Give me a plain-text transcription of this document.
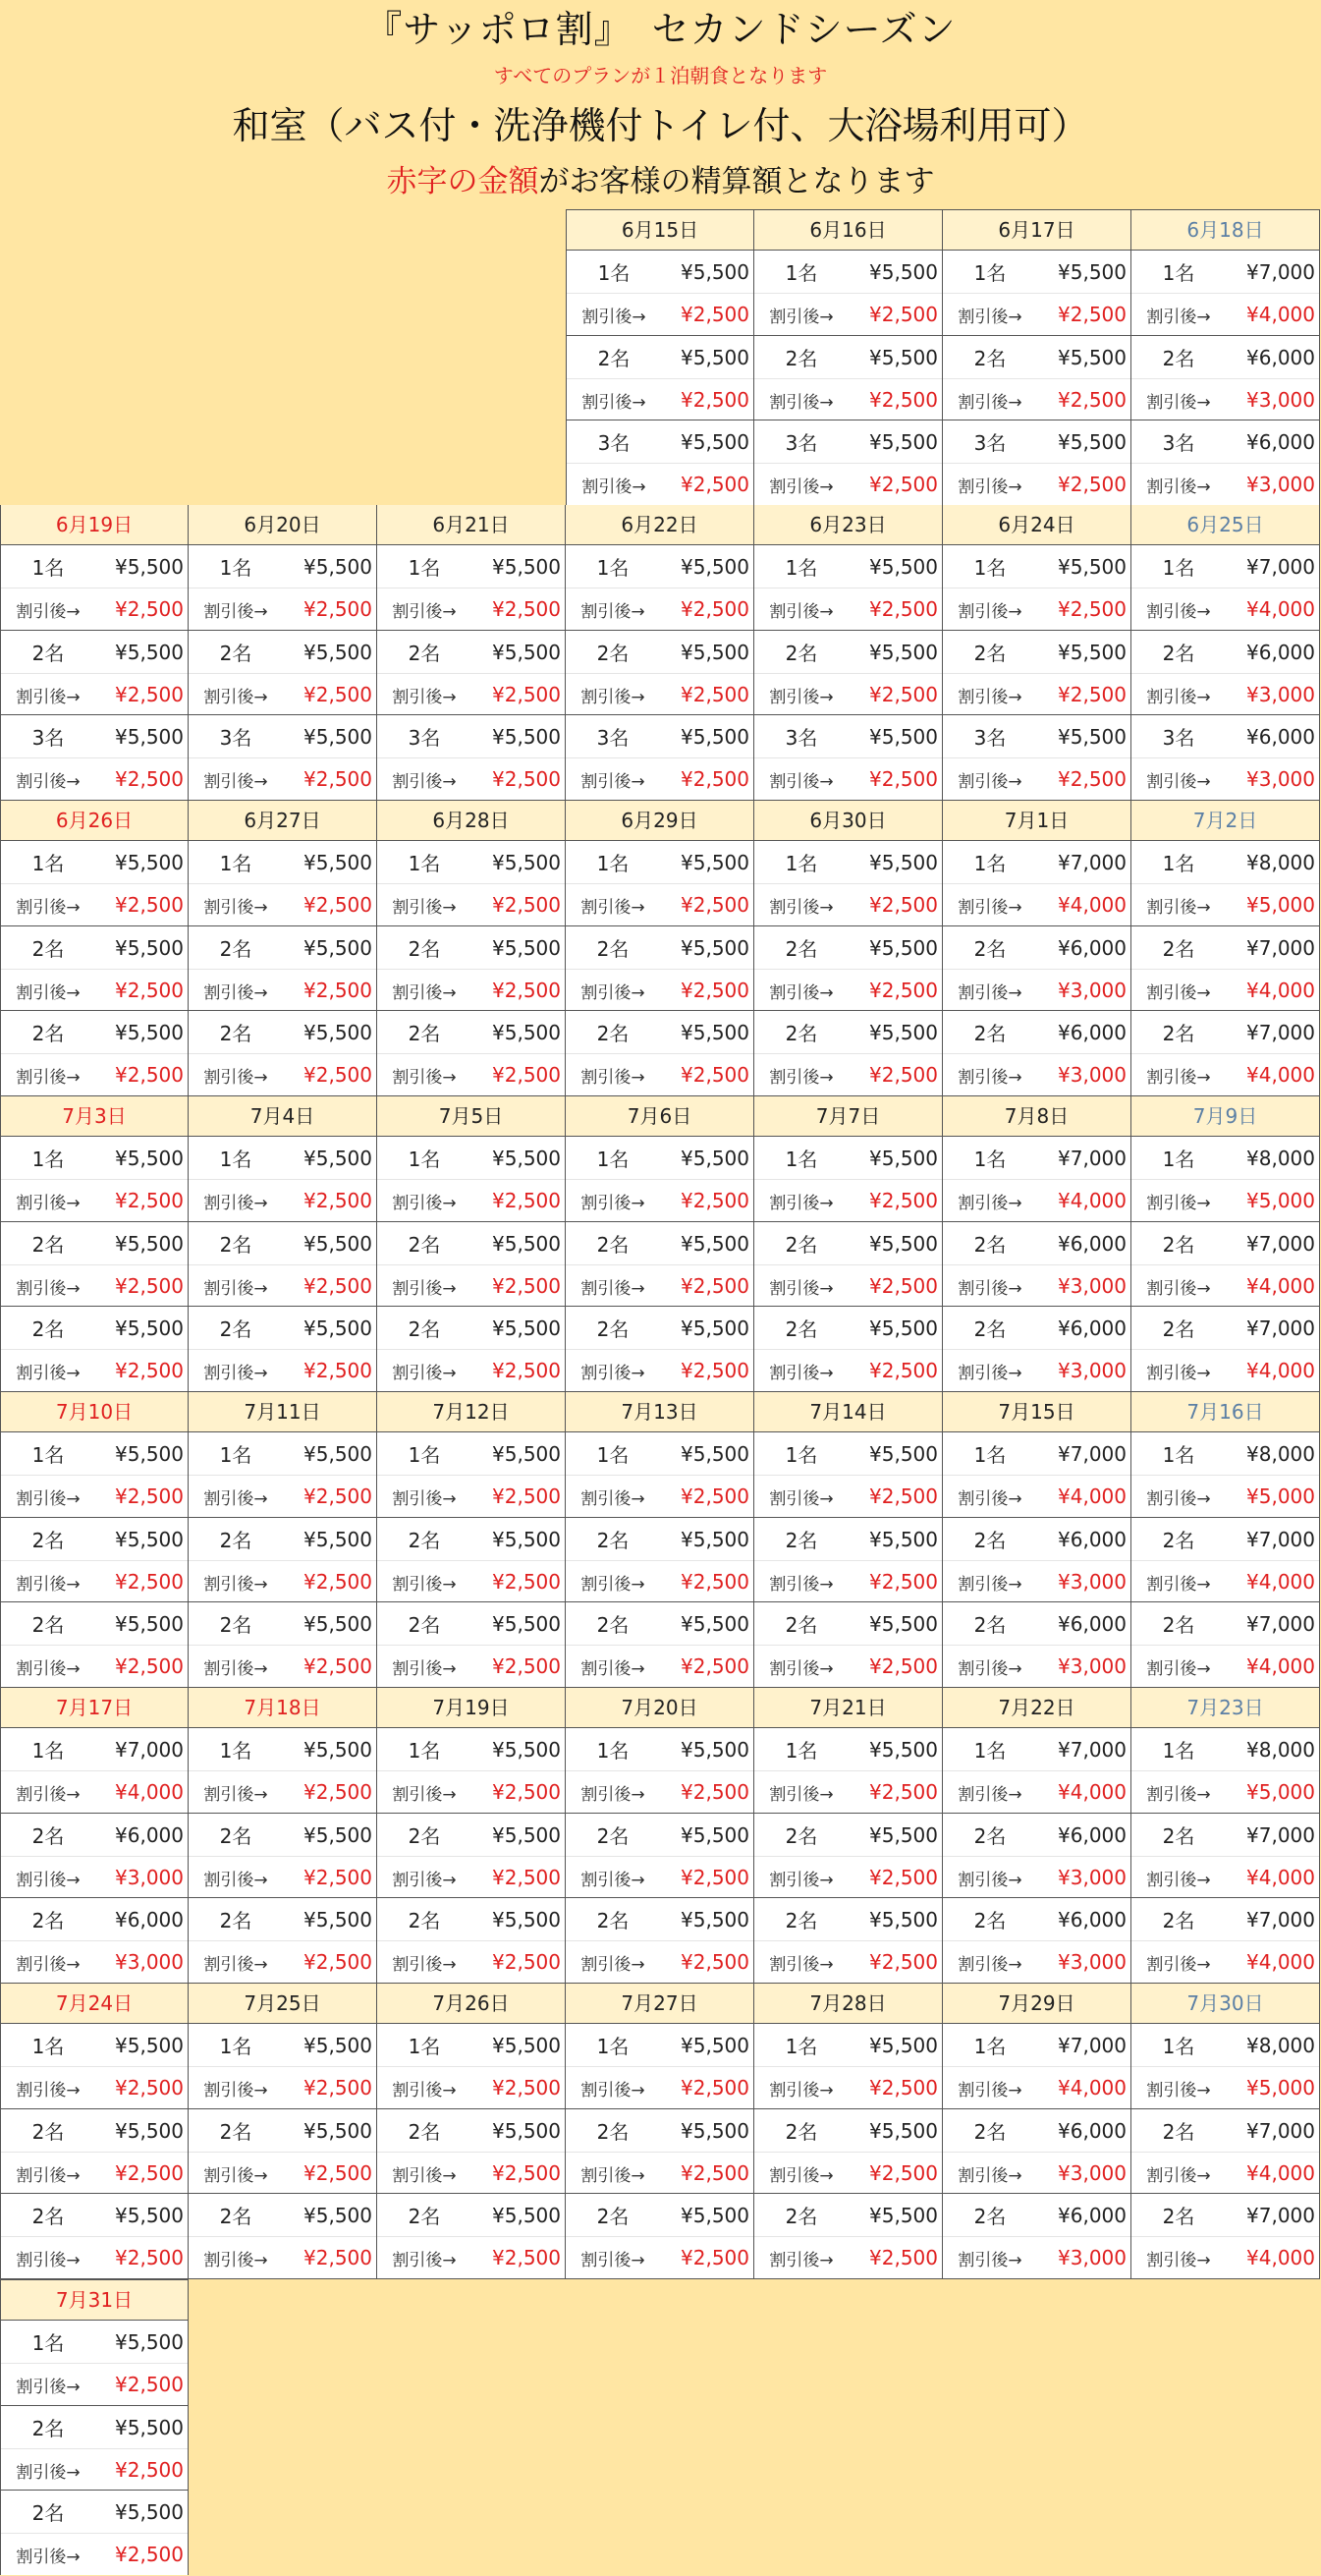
『サッポロ割』　セカンドシーズン
すべてのプランが１泊朝食となります
和室（バス付・洗浄機付トイレ付、大浴場利用可）
赤字の金額がお客様の精算額となります
6月15日
1名	¥5,500
割引後→	¥2,500
2名	¥5,500
割引後→	¥2,500
3名	¥5,500
割引後→	¥2,500
6月16日
1名	¥5,500
割引後→	¥2,500
2名	¥5,500
割引後→	¥2,500
3名	¥5,500
割引後→	¥2,500
6月17日
1名	¥5,500
割引後→	¥2,500
2名	¥5,500
割引後→	¥2,500
3名	¥5,500
割引後→	¥2,500
6月18日
1名	¥7,000
割引後→	¥4,000
2名	¥6,000
割引後→	¥3,000
3名	¥6,000
割引後→	¥3,000
6月19日
1名	¥5,500
割引後→	¥2,500
2名	¥5,500
割引後→	¥2,500
3名	¥5,500
割引後→	¥2,500
6月20日
1名	¥5,500
割引後→	¥2,500
2名	¥5,500
割引後→	¥2,500
3名	¥5,500
割引後→	¥2,500
6月21日
1名	¥5,500
割引後→	¥2,500
2名	¥5,500
割引後→	¥2,500
3名	¥5,500
割引後→	¥2,500
6月22日
1名	¥5,500
割引後→	¥2,500
2名	¥5,500
割引後→	¥2,500
3名	¥5,500
割引後→	¥2,500
6月23日
1名	¥5,500
割引後→	¥2,500
2名	¥5,500
割引後→	¥2,500
3名	¥5,500
割引後→	¥2,500
6月24日
1名	¥5,500
割引後→	¥2,500
2名	¥5,500
割引後→	¥2,500
3名	¥5,500
割引後→	¥2,500
6月25日
1名	¥7,000
割引後→	¥4,000
2名	¥6,000
割引後→	¥3,000
3名	¥6,000
割引後→	¥3,000
6月26日
1名	¥5,500
割引後→	¥2,500
2名	¥5,500
割引後→	¥2,500
2名	¥5,500
割引後→	¥2,500
6月27日
1名	¥5,500
割引後→	¥2,500
2名	¥5,500
割引後→	¥2,500
2名	¥5,500
割引後→	¥2,500
6月28日
1名	¥5,500
割引後→	¥2,500
2名	¥5,500
割引後→	¥2,500
2名	¥5,500
割引後→	¥2,500
6月29日
1名	¥5,500
割引後→	¥2,500
2名	¥5,500
割引後→	¥2,500
2名	¥5,500
割引後→	¥2,500
6月30日
1名	¥5,500
割引後→	¥2,500
2名	¥5,500
割引後→	¥2,500
2名	¥5,500
割引後→	¥2,500
7月1日
1名	¥7,000
割引後→	¥4,000
2名	¥6,000
割引後→	¥3,000
2名	¥6,000
割引後→	¥3,000
7月2日
1名	¥8,000
割引後→	¥5,000
2名	¥7,000
割引後→	¥4,000
2名	¥7,000
割引後→	¥4,000
7月3日
1名	¥5,500
割引後→	¥2,500
2名	¥5,500
割引後→	¥2,500
2名	¥5,500
割引後→	¥2,500
7月4日
1名	¥5,500
割引後→	¥2,500
2名	¥5,500
割引後→	¥2,500
2名	¥5,500
割引後→	¥2,500
7月5日
1名	¥5,500
割引後→	¥2,500
2名	¥5,500
割引後→	¥2,500
2名	¥5,500
割引後→	¥2,500
7月6日
1名	¥5,500
割引後→	¥2,500
2名	¥5,500
割引後→	¥2,500
2名	¥5,500
割引後→	¥2,500
7月7日
1名	¥5,500
割引後→	¥2,500
2名	¥5,500
割引後→	¥2,500
2名	¥5,500
割引後→	¥2,500
7月8日
1名	¥7,000
割引後→	¥4,000
2名	¥6,000
割引後→	¥3,000
2名	¥6,000
割引後→	¥3,000
7月9日
1名	¥8,000
割引後→	¥5,000
2名	¥7,000
割引後→	¥4,000
2名	¥7,000
割引後→	¥4,000
7月10日
1名	¥5,500
割引後→	¥2,500
2名	¥5,500
割引後→	¥2,500
2名	¥5,500
割引後→	¥2,500
7月11日
1名	¥5,500
割引後→	¥2,500
2名	¥5,500
割引後→	¥2,500
2名	¥5,500
割引後→	¥2,500
7月12日
1名	¥5,500
割引後→	¥2,500
2名	¥5,500
割引後→	¥2,500
2名	¥5,500
割引後→	¥2,500
7月13日
1名	¥5,500
割引後→	¥2,500
2名	¥5,500
割引後→	¥2,500
2名	¥5,500
割引後→	¥2,500
7月14日
1名	¥5,500
割引後→	¥2,500
2名	¥5,500
割引後→	¥2,500
2名	¥5,500
割引後→	¥2,500
7月15日
1名	¥7,000
割引後→	¥4,000
2名	¥6,000
割引後→	¥3,000
2名	¥6,000
割引後→	¥3,000
7月16日
1名	¥8,000
割引後→	¥5,000
2名	¥7,000
割引後→	¥4,000
2名	¥7,000
割引後→	¥4,000
7月17日
1名	¥7,000
割引後→	¥4,000
2名	¥6,000
割引後→	¥3,000
2名	¥6,000
割引後→	¥3,000
7月18日
1名	¥5,500
割引後→	¥2,500
2名	¥5,500
割引後→	¥2,500
2名	¥5,500
割引後→	¥2,500
7月19日
1名	¥5,500
割引後→	¥2,500
2名	¥5,500
割引後→	¥2,500
2名	¥5,500
割引後→	¥2,500
7月20日
1名	¥5,500
割引後→	¥2,500
2名	¥5,500
割引後→	¥2,500
2名	¥5,500
割引後→	¥2,500
7月21日
1名	¥5,500
割引後→	¥2,500
2名	¥5,500
割引後→	¥2,500
2名	¥5,500
割引後→	¥2,500
7月22日
1名	¥7,000
割引後→	¥4,000
2名	¥6,000
割引後→	¥3,000
2名	¥6,000
割引後→	¥3,000
7月23日
1名	¥8,000
割引後→	¥5,000
2名	¥7,000
割引後→	¥4,000
2名	¥7,000
割引後→	¥4,000
7月24日
1名	¥5,500
割引後→	¥2,500
2名	¥5,500
割引後→	¥2,500
2名	¥5,500
割引後→	¥2,500
7月25日
1名	¥5,500
割引後→	¥2,500
2名	¥5,500
割引後→	¥2,500
2名	¥5,500
割引後→	¥2,500
7月26日
1名	¥5,500
割引後→	¥2,500
2名	¥5,500
割引後→	¥2,500
2名	¥5,500
割引後→	¥2,500
7月27日
1名	¥5,500
割引後→	¥2,500
2名	¥5,500
割引後→	¥2,500
2名	¥5,500
割引後→	¥2,500
7月28日
1名	¥5,500
割引後→	¥2,500
2名	¥5,500
割引後→	¥2,500
2名	¥5,500
割引後→	¥2,500
7月29日
1名	¥7,000
割引後→	¥4,000
2名	¥6,000
割引後→	¥3,000
2名	¥6,000
割引後→	¥3,000
7月30日
1名	¥8,000
割引後→	¥5,000
2名	¥7,000
割引後→	¥4,000
2名	¥7,000
割引後→	¥4,000
7月31日
1名	¥5,500
割引後→	¥2,500
2名	¥5,500
割引後→	¥2,500
2名	¥5,500
割引後→	¥2,500
